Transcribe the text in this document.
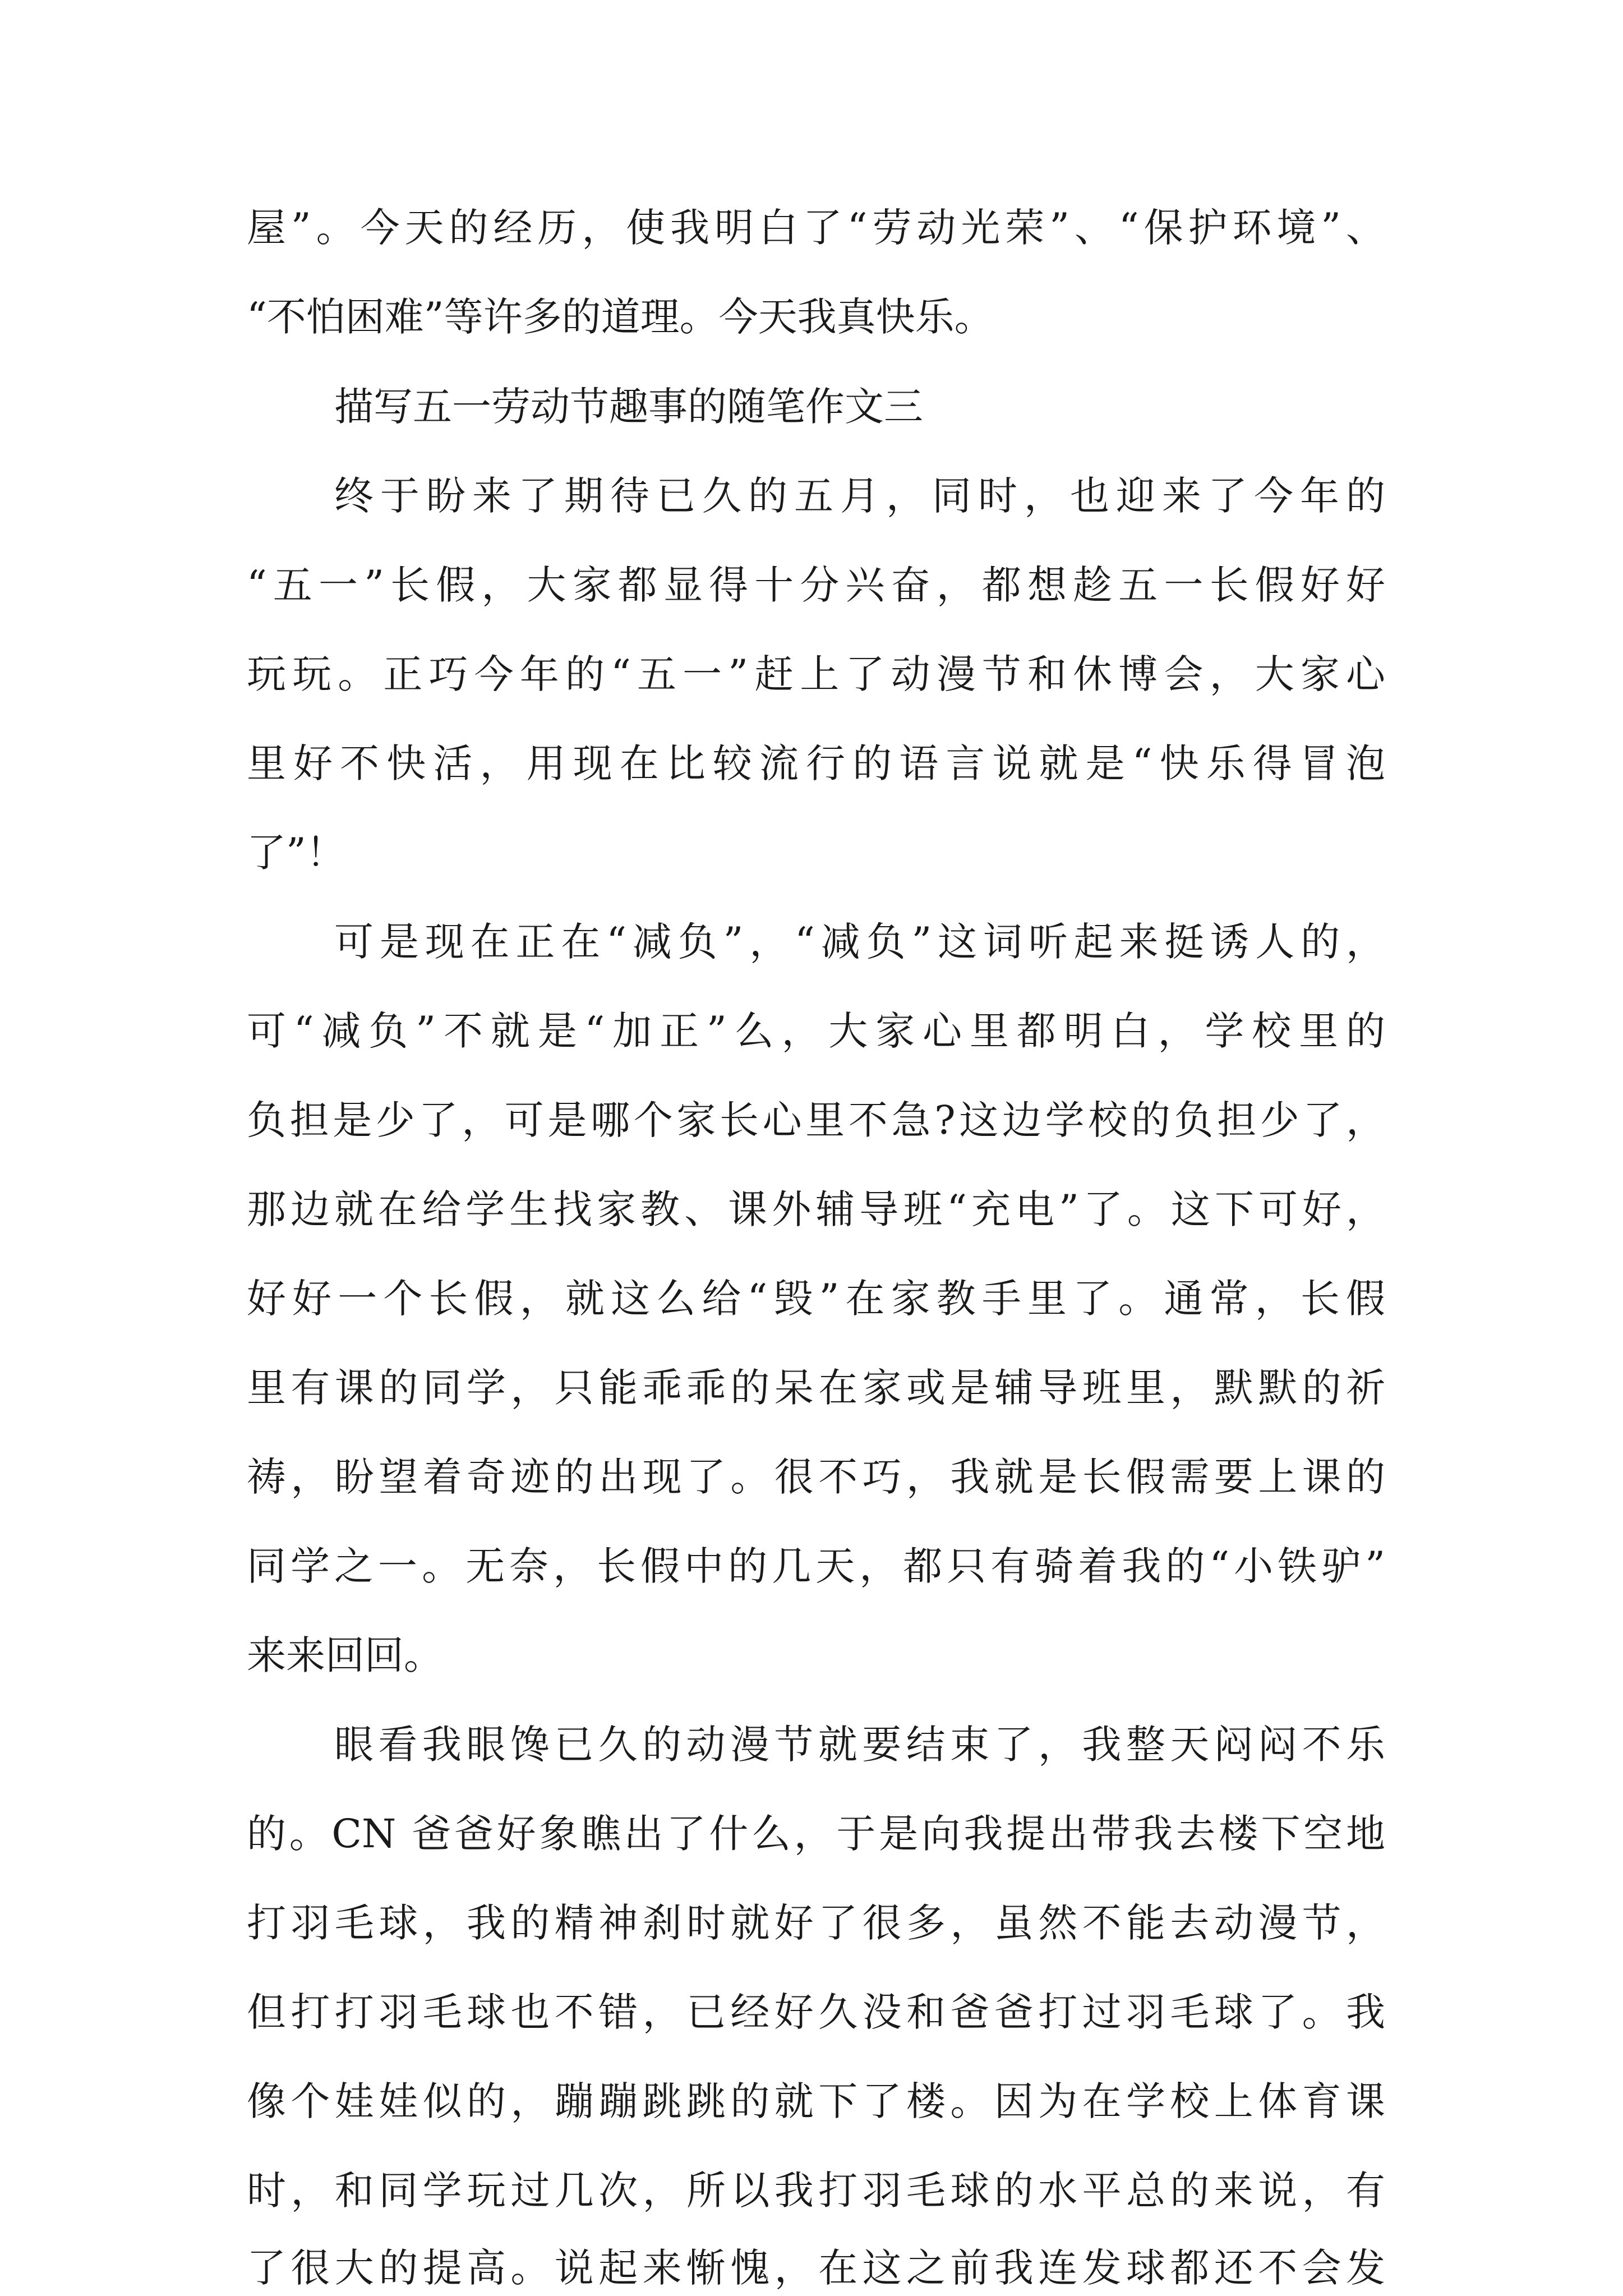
屋”。今天的经历，使我明白了“劳动光荣”、“保护环境”、
“不怕困难”等许多的道理。今天我真快乐。
描写五一劳动节趣事的随笔作文三
终于盼来了期待已久的五月，同时，也迎来了今年的
“五一”长假，大家都显得十分兴奋，都想趁五一长假好好
玩玩。正巧今年的“五一”赶上了动漫节和休博会，大家心
里好不快活，用现在比较流行的语言说就是“快乐得冒泡
了”！
可是现在正在“减负”，“减负”这词听起来挺诱人的，
可“减负”不就是“加正”么，大家心里都明白，学校里的
负担是少了，可是哪个家长心里不急?这边学校的负担少了，
那边就在给学生找家教、课外辅导班“充电”了。这下可好，
好好一个长假，就这么给“毁”在家教手里了。通常，长假
里有课的同学，只能乖乖的呆在家或是辅导班里，默默的祈
祷，盼望着奇迹的出现了。很不巧，我就是长假需要上课的
同学之一。无奈，长假中的几天，都只有骑着我的“小铁驴”
来来回回。
眼看我眼馋已久的动漫节就要结束了，我整天闷闷不乐
的。CN 爸爸好象瞧出了什么，于是向我提出带我去楼下空地
打羽毛球，我的精神刹时就好了很多，虽然不能去动漫节，
但打打羽毛球也不错，已经好久没和爸爸打过羽毛球了。我
像个娃娃似的，蹦蹦跳跳的就下了楼。因为在学校上体育课
时，和同学玩过几次，所以我打羽毛球的水平总的来说，有
了很大的提高。说起来惭愧，在这之前我连发球都还不会发
